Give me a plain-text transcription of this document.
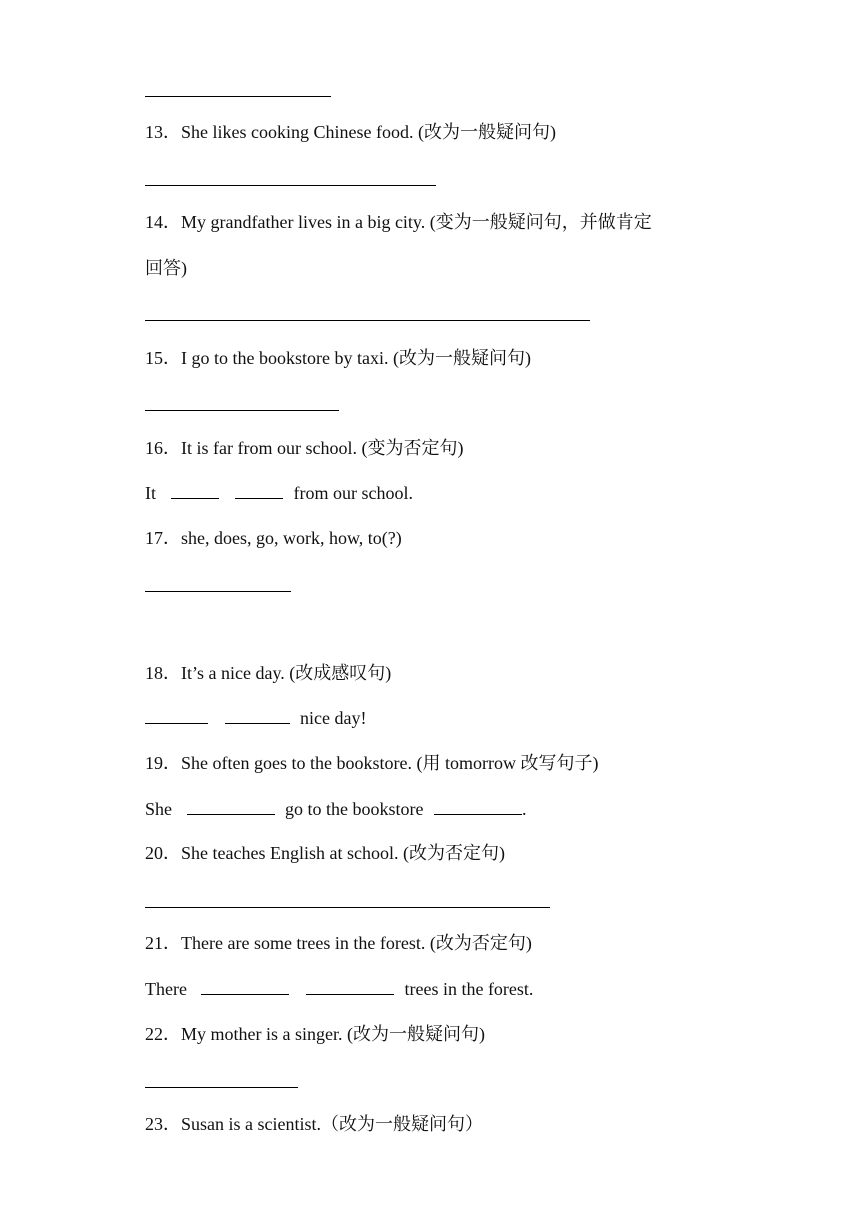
13．She likes cooking Chinese food. (改为一般疑问句)
14．My grandfather lives in a big city. (变为一般疑问句，并做肯定
回答)
15．I go to the bookstore by taxi. (改为一般疑问句)
16．It is far from our school. (变为否定句)
It	from our school.
17．she, does, go, work, how, to(?)
18．It’s a nice day. (改成感叹句)
nice day!
19．She often goes to the bookstore. (用 tomorrow 改写句子)
She	go to the bookstore	.
20．She teaches English at school. (改为否定句)
21．There are some trees in the forest. (改为否定句)
There	trees in the forest.
22．My mother is a singer. (改为一般疑问句)
23．Susan is a scientist.（改为一般疑问句）
